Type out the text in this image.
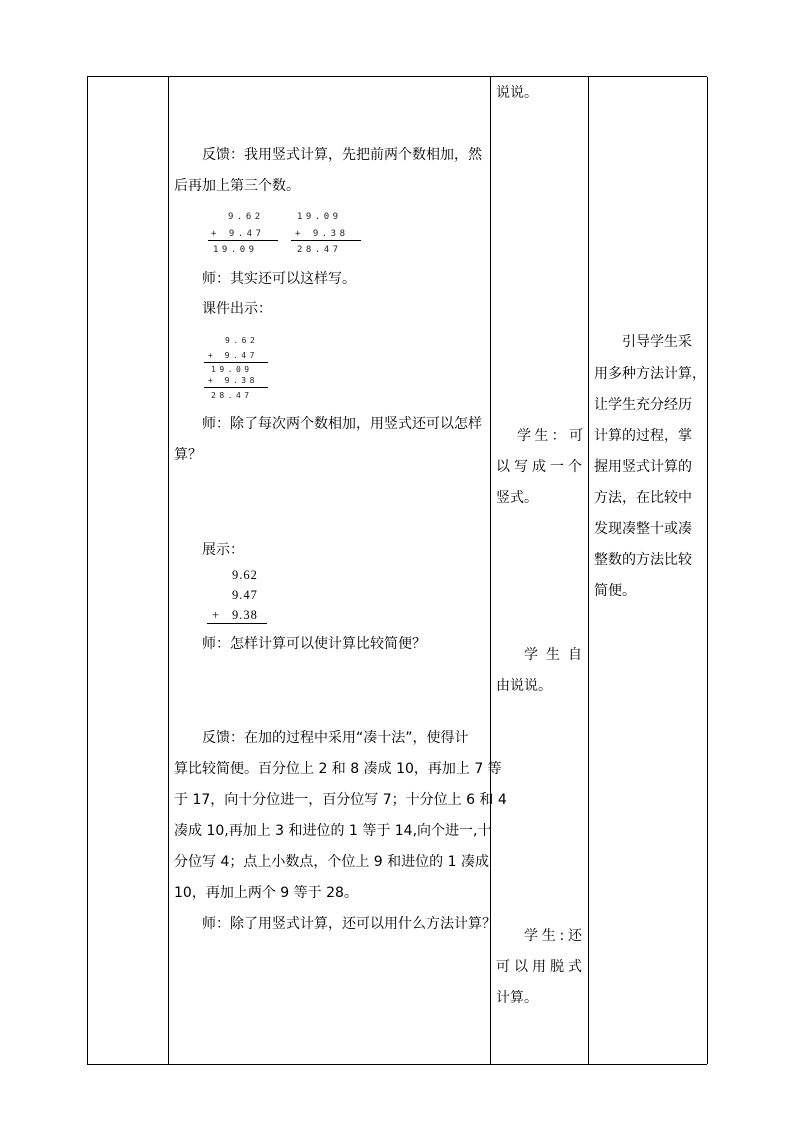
反馈：我用竖式计算，先把前两个数相加，然
后再加上第三个数。
9.62
+ 9.47
19.09
19.09
+ 9.38
28.47
师：其实还可以这样写。
课件出示：
9.62
+ 9.47
19.09
+ 9.38
28.47
师：除了每次两个数相加，用竖式还可以怎样
算？
展示：
9.62
9.47
+ 9.38
师：怎样计算可以使计算比较简便？
反馈：在加的过程中采用“凑十法”，使得计
算比较简便。百分位上 2 和 8 凑成 10，再加上 7 等
于 17，向十分位进一，百分位写 7；十分位上 6 和 4
凑成 10,再加上 3 和进位的 1 等于 14,向个进一,十
分位写 4；点上小数点，个位上 9 和进位的 1 凑成
10，再加上两个 9 等于 28。
师：除了用竖式计算，还可以用什么方法计算？
说说。
学 生 ： 可
以 写 成 一 个
竖式。
学 生 自
由说说。
学 生 : 还
可 以 用 脱 式
计算。
引导学生采
用多种方法计算，
让学生充分经历
计算的过程，掌
握用竖式计算的
方法，在比较中
发现凑整十或凑
整数的方法比较
简便。
